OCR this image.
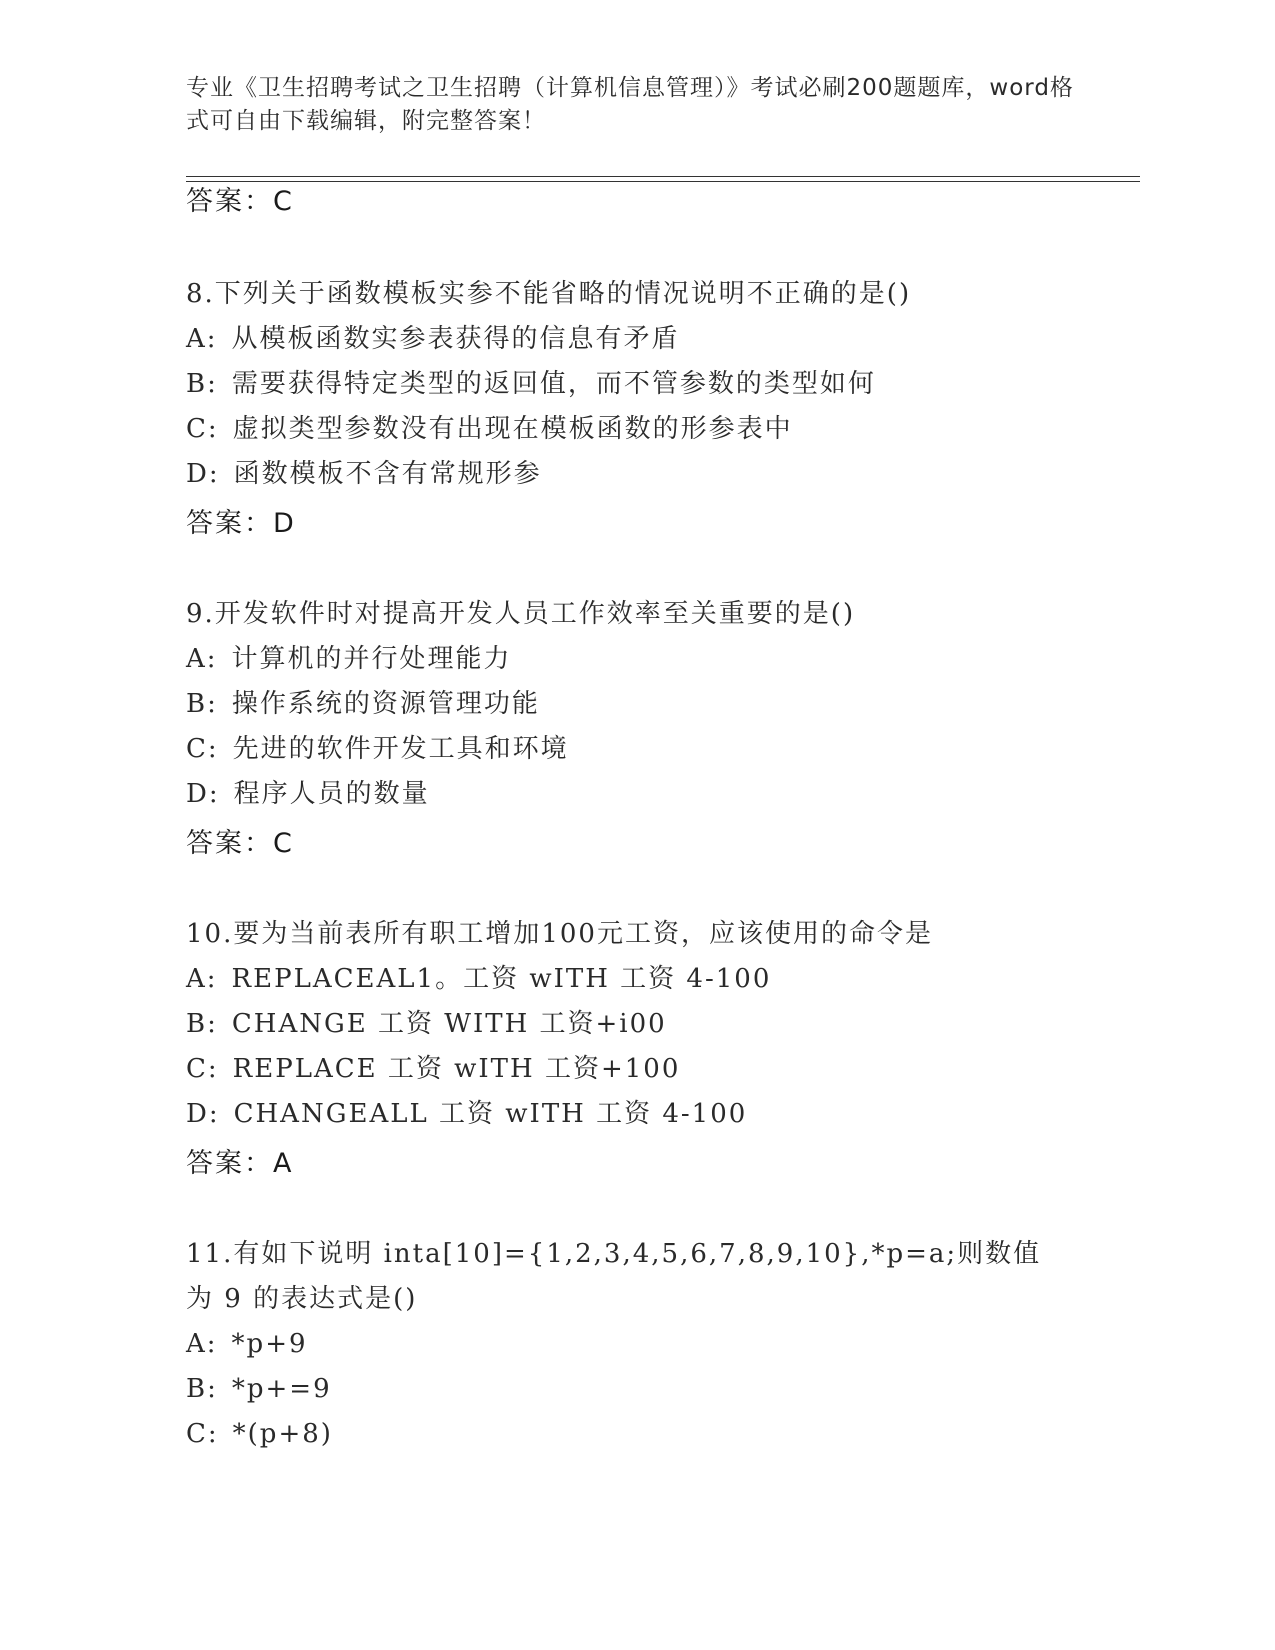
专业《卫生招聘考试之卫生招聘（计算机信息管理）》考试必刷200题题库，word格式可自由下载编辑，附完整答案！
答案：C
8.下列关于函数模板实参不能省略的情况说明不正确的是()
A: 从模板函数实参表获得的信息有矛盾
B: 需要获得特定类型的返回值，而不管参数的类型如何
C: 虚拟类型参数没有出现在模板函数的形参表中
D: 函数模板不含有常规形参
答案：D
9.开发软件时对提高开发人员工作效率至关重要的是()
A: 计算机的并行处理能力
B: 操作系统的资源管理功能
C: 先进的软件开发工具和环境
D: 程序人员的数量
答案：C
10.要为当前表所有职工增加100元工资，应该使用的命令是
A: REPLACEAL1。工资 wITH 工资 4-100
B: CHANGE 工资 WITH 工资+i00
C: REPLACE 工资 wITH 工资+100
D: CHANGEALL 工资 wITH 工资 4-100
答案：A
11.有如下说明 inta[10]={1,2,3,4,5,6,7,8,9,10},*p=a;则数值为 9 的表达式是()
A: *p+9
B: *p+=9
C: *(p+8)
